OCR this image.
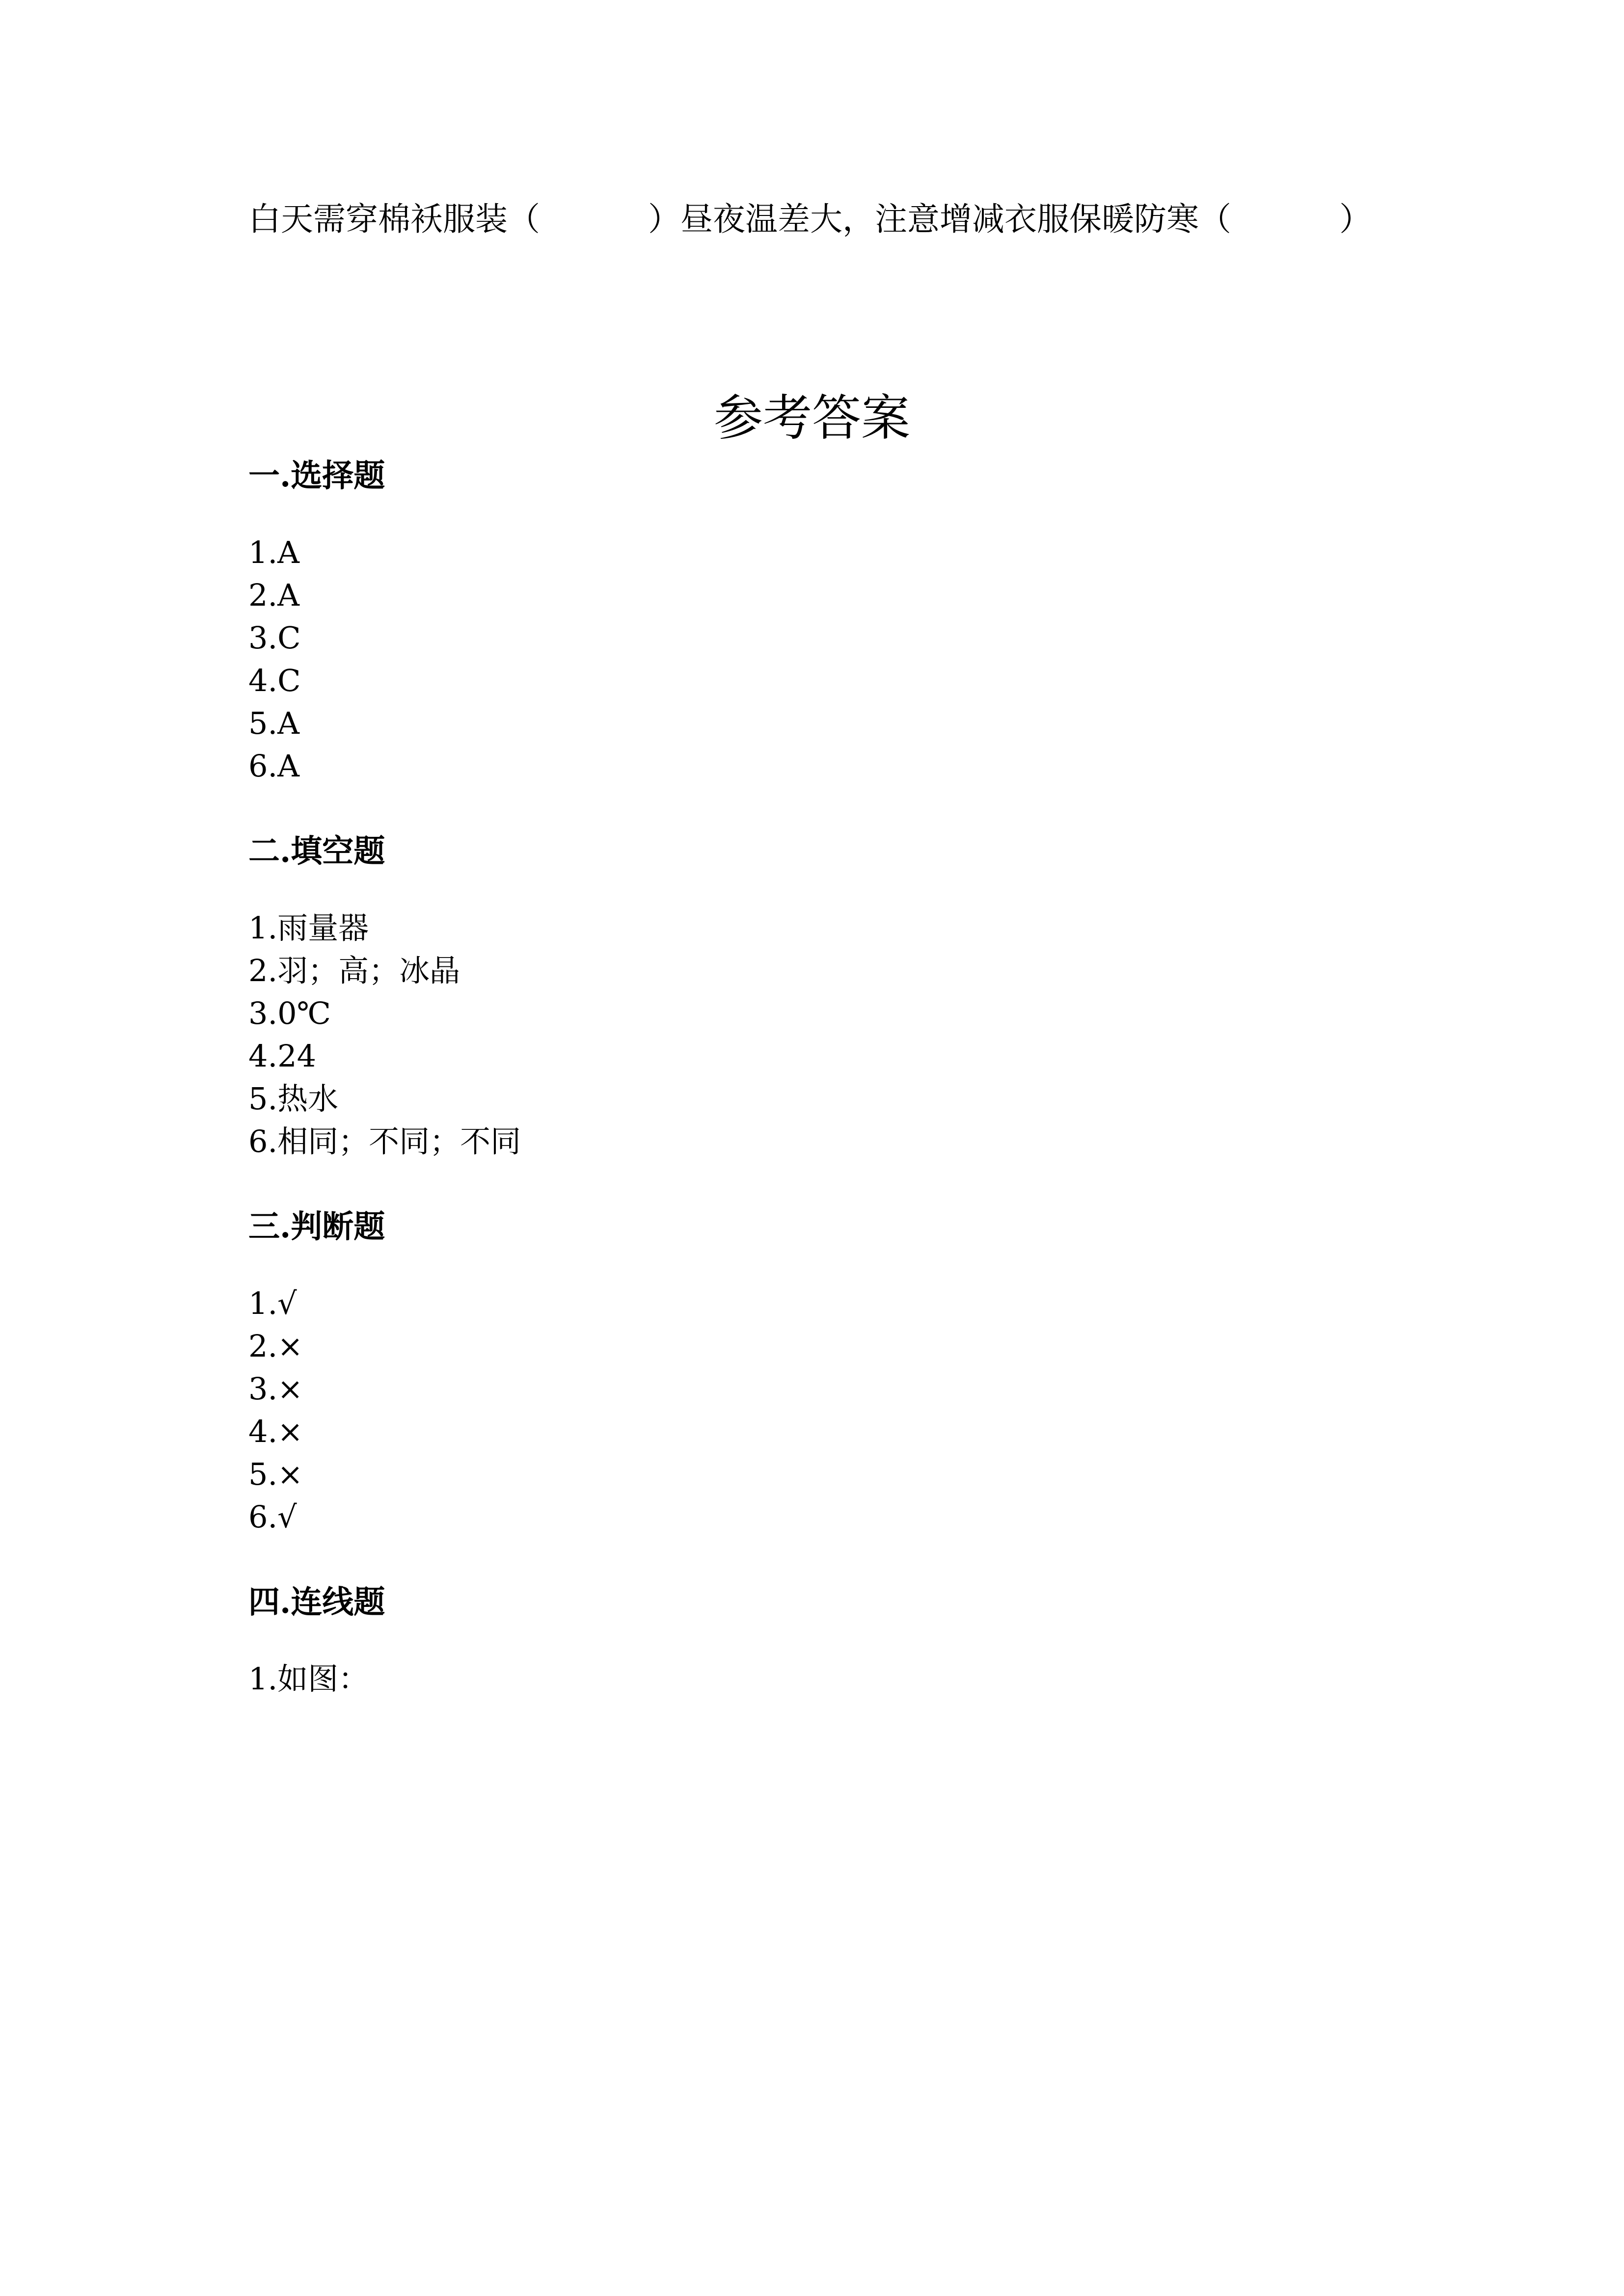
白天需穿棉袄服装（	）昼夜温差大，注意增减衣服保暖防寒（	）
参考答案
一.选择题
1.A
2.A
3.C
4.C
5.A
6.A
二.填空题
1.雨量器
2.羽；高；冰晶
3.0℃
4.24
5.热水
6.相同；不同；不同
三.判断题
1.√
2.×
3.×
4.×
5.×
6.√
四.连线题
1.如图：
